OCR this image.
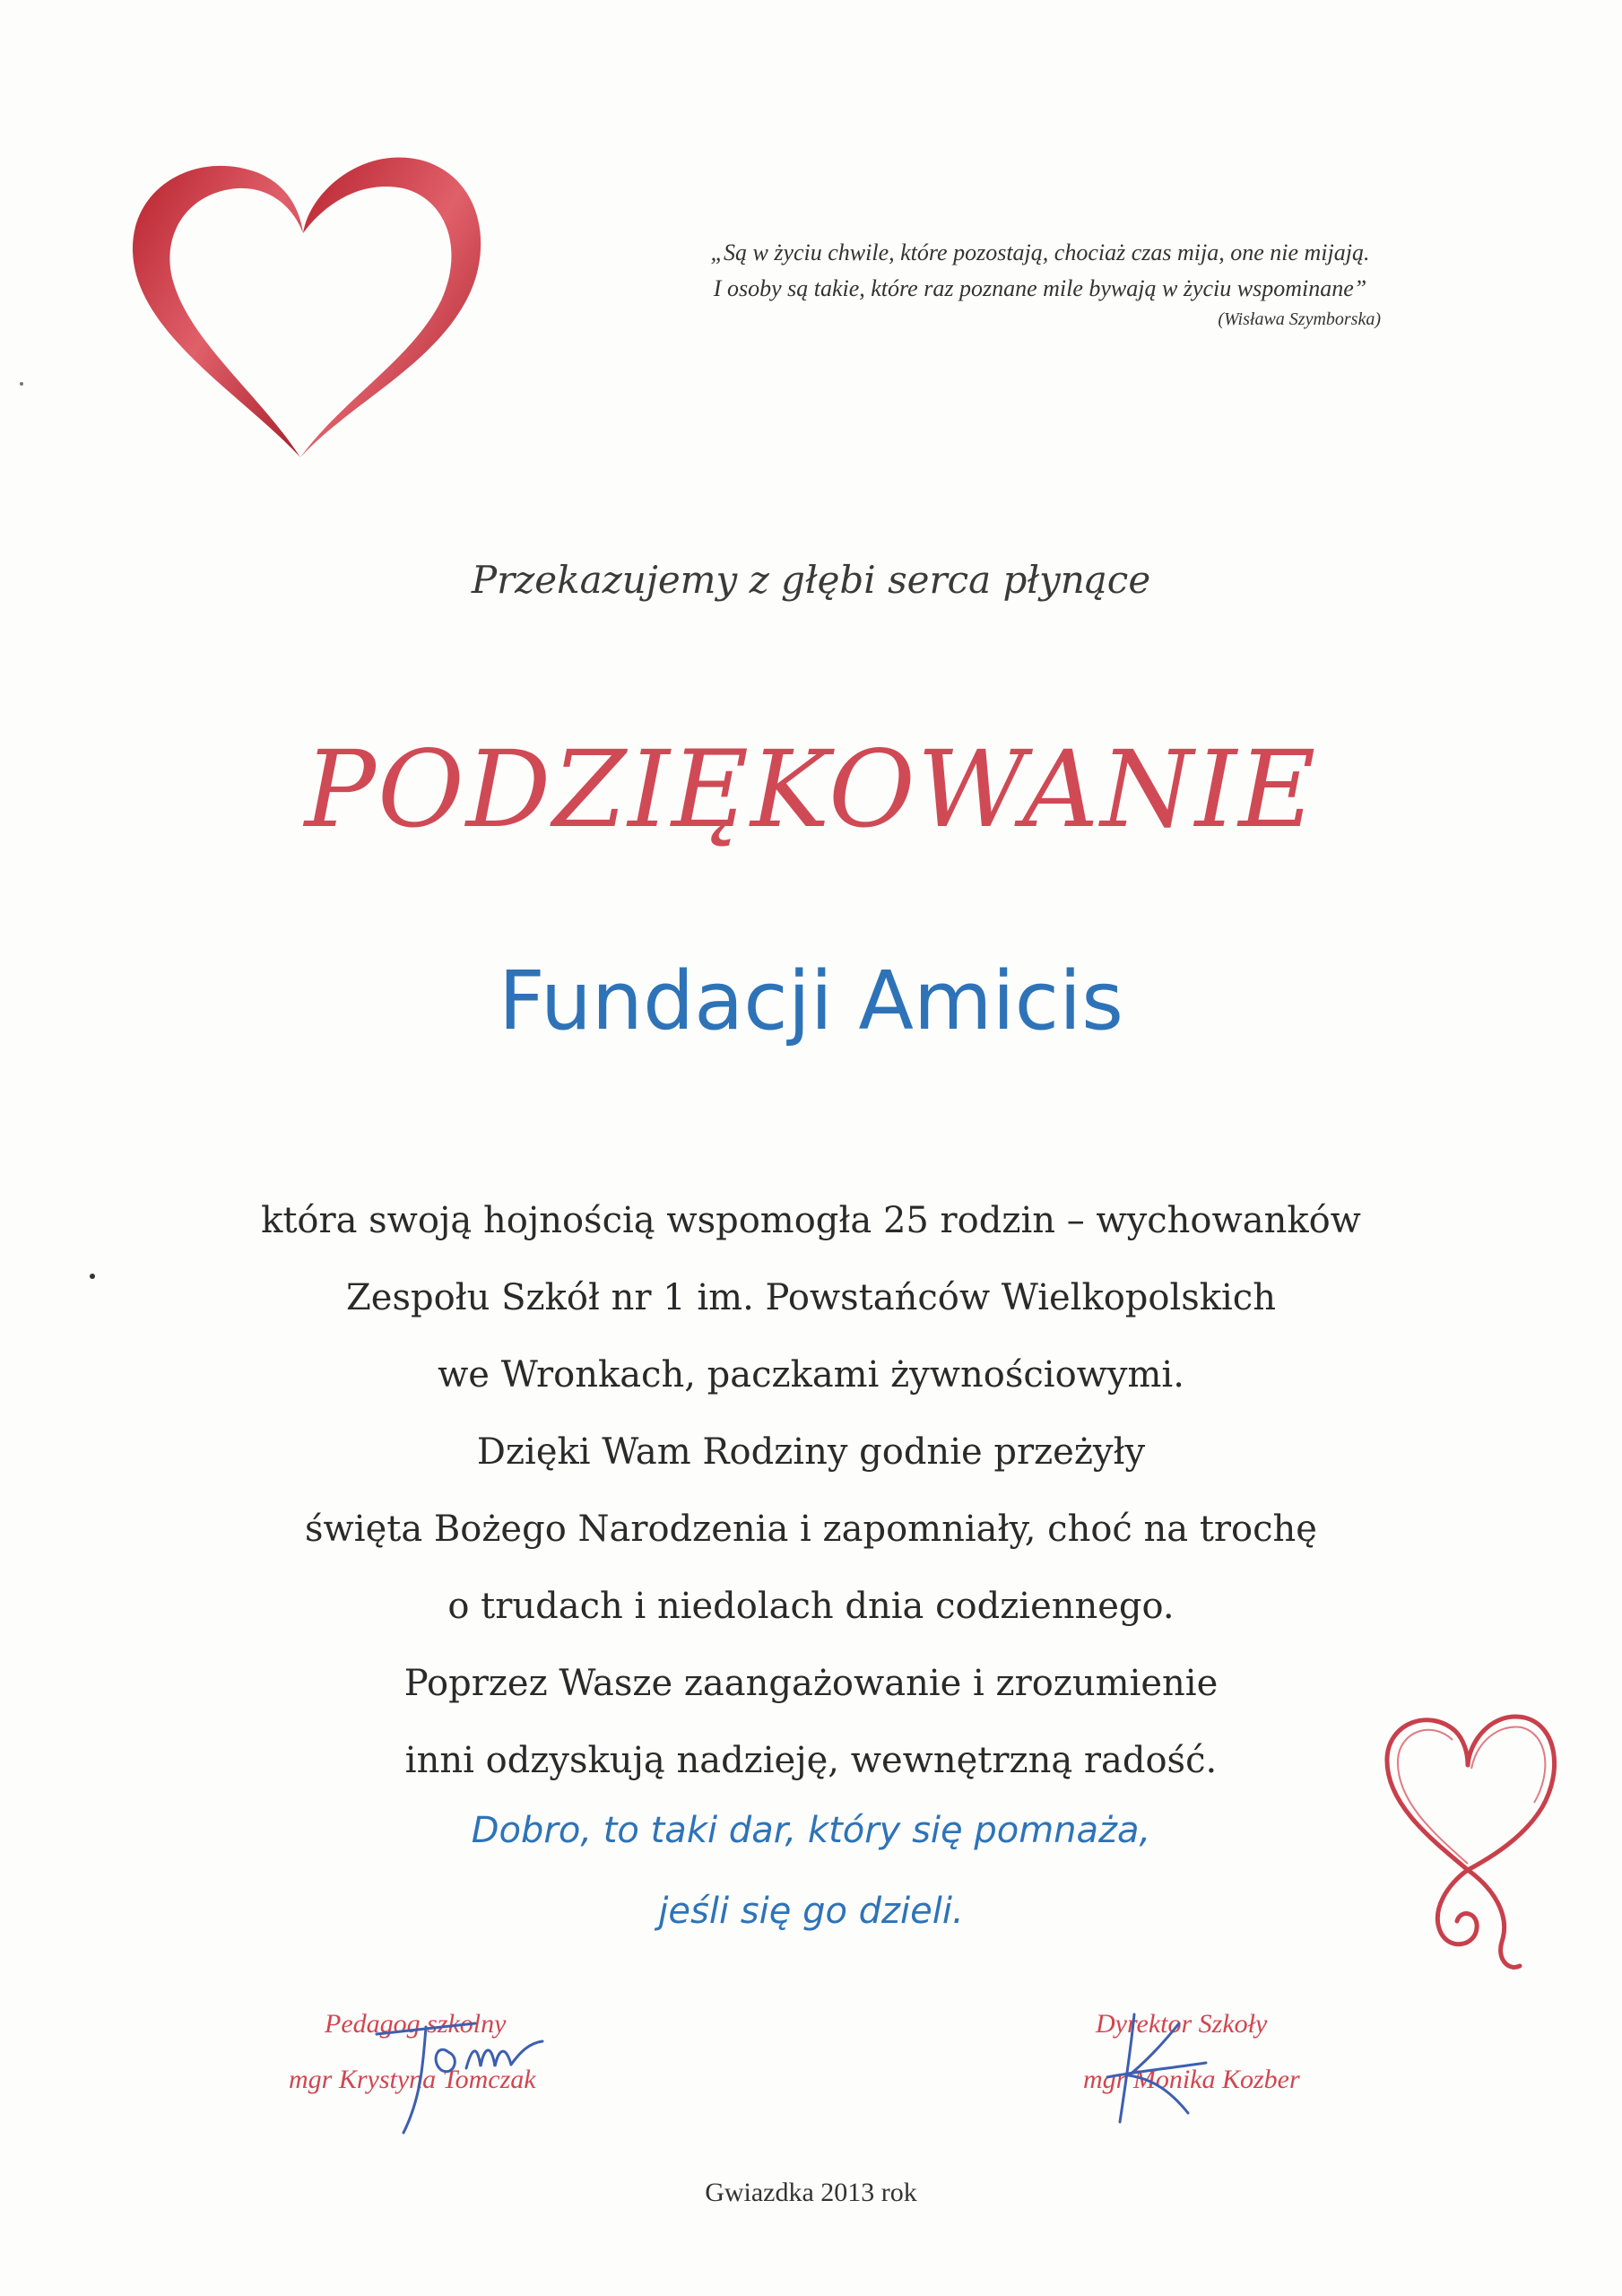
„Są w życiu chwile, które pozostają, chociaż czas mija, one nie mijają.
I osoby są takie, które raz poznane mile bywają w życiu wspominane”
(Wisława Szymborska)
Przekazujemy z głębi serca płynące
PODZIĘKOWANIE
Fundacji Amicis
która swoją hojnością wspomogła 25 rodzin – wychowanków
Zespołu Szkół nr 1 im. Powstańców Wielkopolskich
we Wronkach, paczkami żywnościowymi.
Dzięki Wam Rodziny godnie przeżyły
święta Bożego Narodzenia i zapomniały, choć na trochę
o trudach i niedolach dnia codziennego.
Poprzez Wasze zaangażowanie i zrozumienie
inni odzyskują nadzieję, wewnętrzną radość.
Dobro, to taki dar, który się pomnaża,
jeśli się go dzieli.
Pedagog szkolny
mgr Krystyna Tomczak
Dyrektor Szkoły
mgr Monika Kozber
Gwiazdka 2013 rok
